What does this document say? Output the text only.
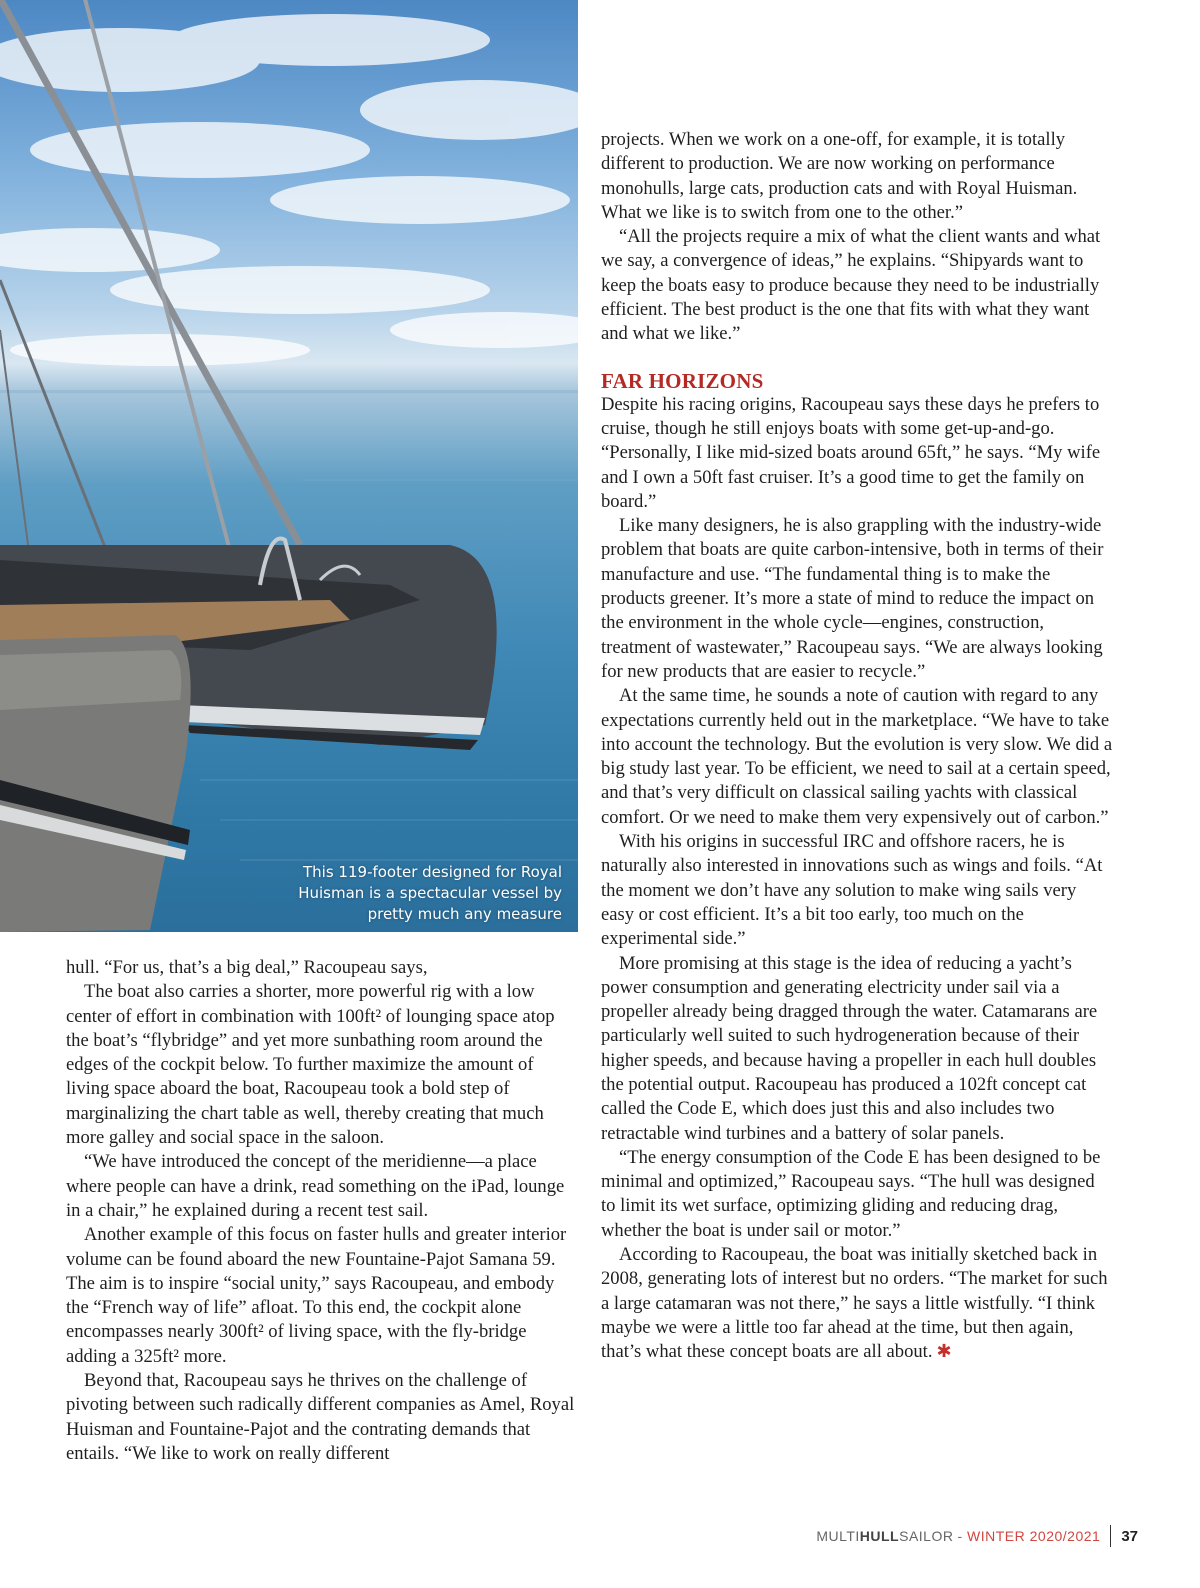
This 119-footer designed for Royal Huisman is a spectacular vessel by pretty much any measure

hull. “For us, that’s a big deal,” Racoupeau says,

The boat also carries a shorter, more powerful rig with a low center of effort in combination with 100ft² of lounging space atop the boat’s “flybridge” and yet more sunbathing room around the edges of the cockpit below. To further maximize the amount of living space aboard the boat, Racoupeau took a bold step of marginalizing the chart table as well, thereby creating that much more galley and social space in the saloon.

“We have introduced the concept of the meridienne—a place where people can have a drink, read something on the iPad, lounge in a chair,” he explained during a recent test sail.

Another example of this focus on faster hulls and greater interior volume can be found aboard the new Fountaine-Pajot Samana 59. The aim is to inspire “social unity,” says Racoupeau, and embody the “French way of life” afloat. To this end, the cockpit alone encompasses nearly 300ft² of living space, with the fly-bridge adding a 325ft² more.

Beyond that, Racoupeau says he thrives on the challenge of pivoting between such radically different companies as Amel, Royal Huisman and Fountaine-Pajot and the contrating demands that entails. “We like to work on really different

projects. When we work on a one-off, for example, it is totally different to production. We are now working on performance monohulls, large cats, production cats and with Royal Huisman. What we like is to switch from one to the other.”

“All the projects require a mix of what the client wants and what we say, a convergence of ideas,” he explains. “Shipyards want to keep the boats easy to produce because they need to be industrially efficient. The best product is the one that fits with what they want and what we like.”

FAR HORIZONS

Despite his racing origins, Racoupeau says these days he prefers to cruise, though he still enjoys boats with some get-up-and-go. “Personally, I like mid-sized boats around 65ft,” he says. “My wife and I own a 50ft fast cruiser. It’s a good time to get the family on board.”

Like many designers, he is also grappling with the industry-wide problem that boats are quite carbon-intensive, both in terms of their manufacture and use. “The fundamental thing is to make the products greener. It’s more a state of mind to reduce the impact on the environment in the whole cycle—engines, construction, treatment of wastewater,” Racoupeau says. “We are always looking for new products that are easier to recycle.”

At the same time, he sounds a note of caution with regard to any expectations currently held out in the marketplace. “We have to take into account the technology. But the evolution is very slow. We did a big study last year. To be efficient, we need to sail at a certain speed, and that’s very difficult on classical sailing yachts with classical comfort. Or we need to make them very expensively out of carbon.”

With his origins in successful IRC and offshore racers, he is naturally also interested in innovations such as wings and foils. “At the moment we don’t have any solution to make wing sails very easy or cost efficient. It’s a bit too early, too much on the experimental side.”

More promising at this stage is the idea of reducing a yacht’s power consumption and generating electricity under sail via a propeller already being dragged through the water. Catamarans are particularly well suited to such hydrogeneration because of their higher speeds, and because having a propeller in each hull doubles the potential output. Racoupeau has produced a 102ft concept cat called the Code E, which does just this and also includes two retractable wind turbines and a battery of solar panels.

“The energy consumption of the Code E has been designed to be minimal and optimized,” Racoupeau says. “The hull was designed to limit its wet surface, optimizing gliding and reducing drag, whether the boat is under sail or motor.”

According to Racoupeau, the boat was initially sketched back in 2008, generating lots of interest but no orders. “The market for such a large catamaran was not there,” he says a little wistfully. “I think maybe we were a little too far ahead at the time, but then again, that’s what these concept boats are all about. ✱

MULTI HULL SAILOR - WINTER 2020/2021 37
